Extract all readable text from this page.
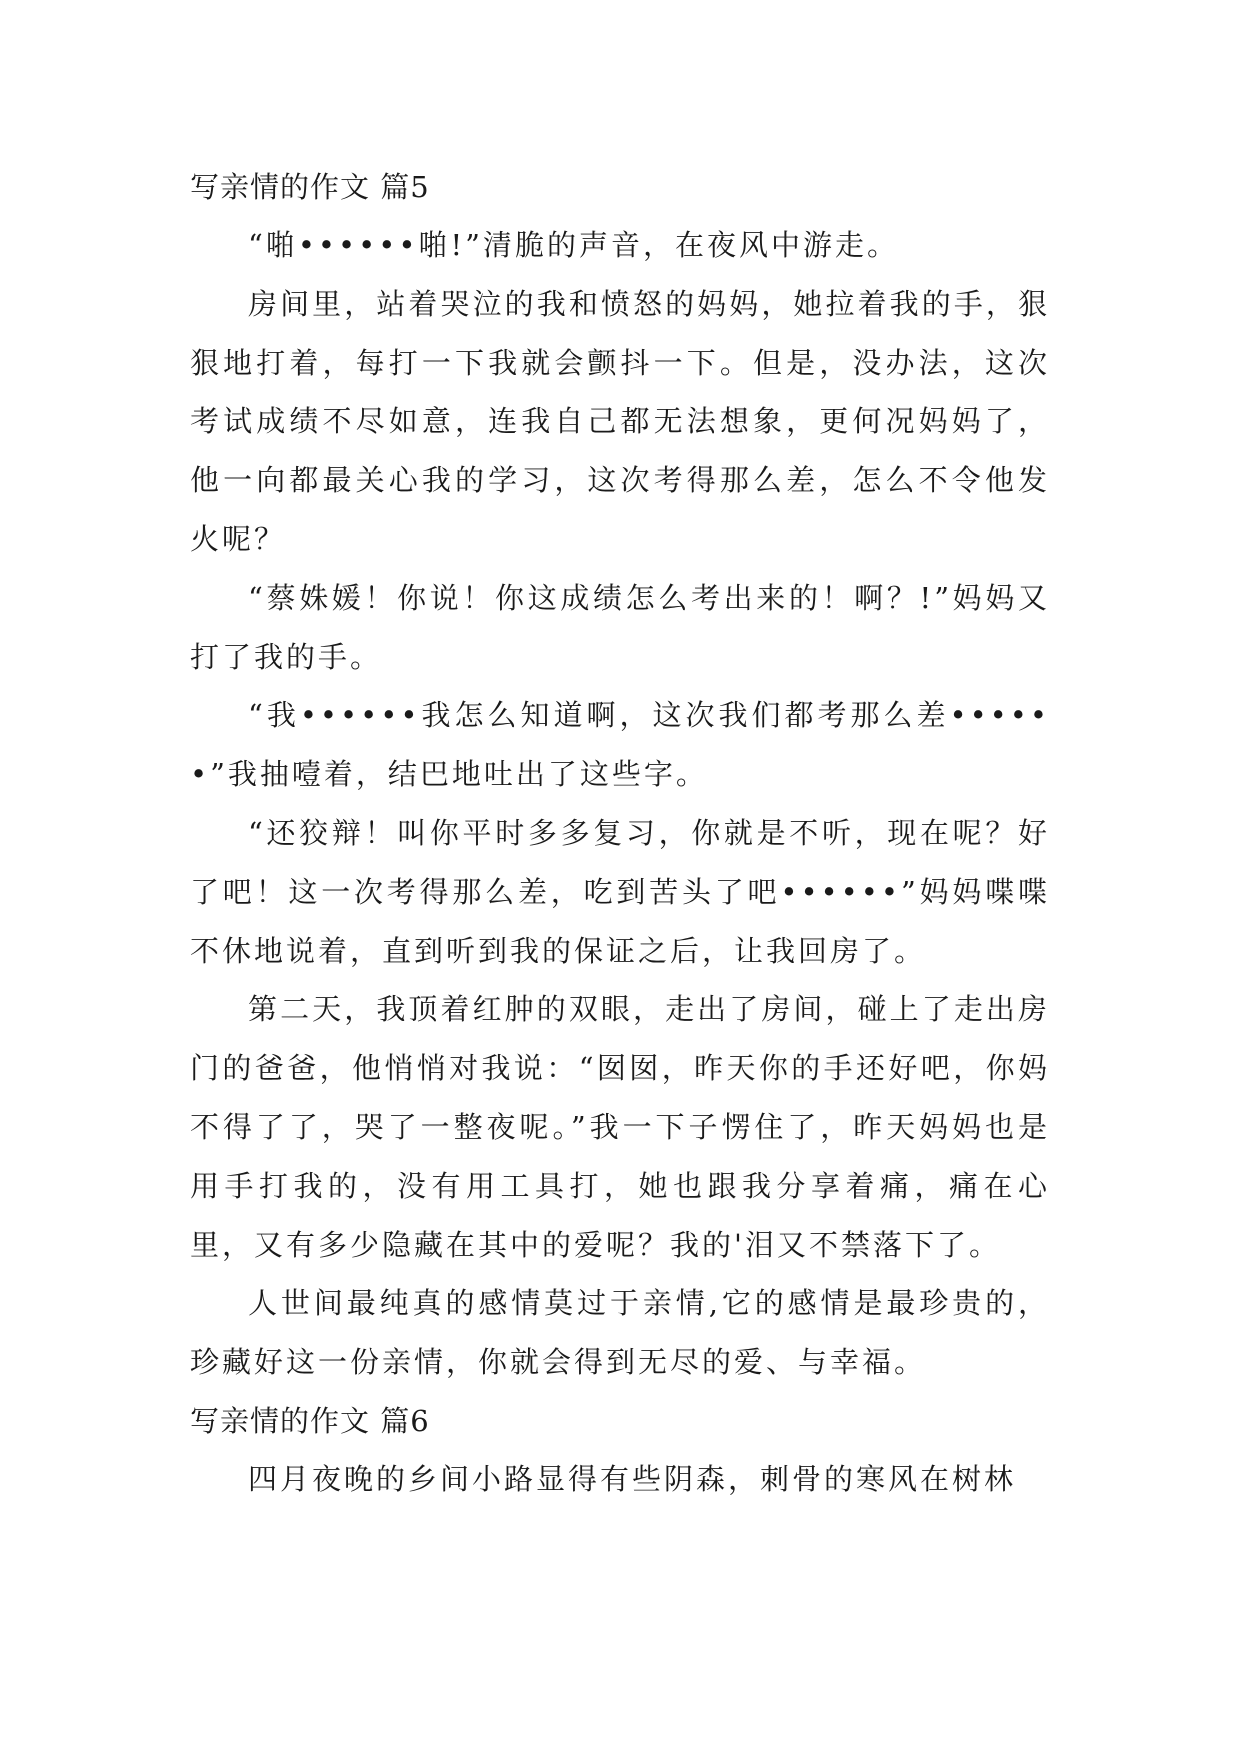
写亲情的作文 篇5

“啪••••••啪!”清脆的声音，在夜风中游走。

房间里，站着哭泣的我和愤怒的妈妈，她拉着我的手，狠狠地打着，每打一下我就会颤抖一下。但是，没办法，这次考试成绩不尽如意，连我自己都无法想象，更何况妈妈了，他一向都最关心我的学习，这次考得那么差，怎么不令他发火呢？

“蔡姝媛！你说！你这成绩怎么考出来的！啊？!”妈妈又打了我的手。

“我••••••我怎么知道啊，这次我们都考那么差••••••”我抽噎着，结巴地吐出了这些字。

“还狡辩！叫你平时多多复习，你就是不听，现在呢？好了吧！这一次考得那么差，吃到苦头了吧••••••”妈妈喋喋不休地说着，直到听到我的保证之后，让我回房了。

第二天，我顶着红肿的双眼，走出了房间，碰上了走出房门的爸爸，他悄悄对我说：“囡囡，昨天你的手还好吧，你妈不得了了，哭了一整夜呢。”我一下子愣住了，昨天妈妈也是用手打我的，没有用工具打，她也跟我分享着痛，痛在心里，又有多少隐藏在其中的爱呢？我的'泪又不禁落下了。

人世间最纯真的感情莫过于亲情,它的感情是最珍贵的，珍藏好这一份亲情，你就会得到无尽的爱、与幸福。

写亲情的作文 篇6

四月夜晚的乡间小路显得有些阴森，刺骨的寒风在树林
